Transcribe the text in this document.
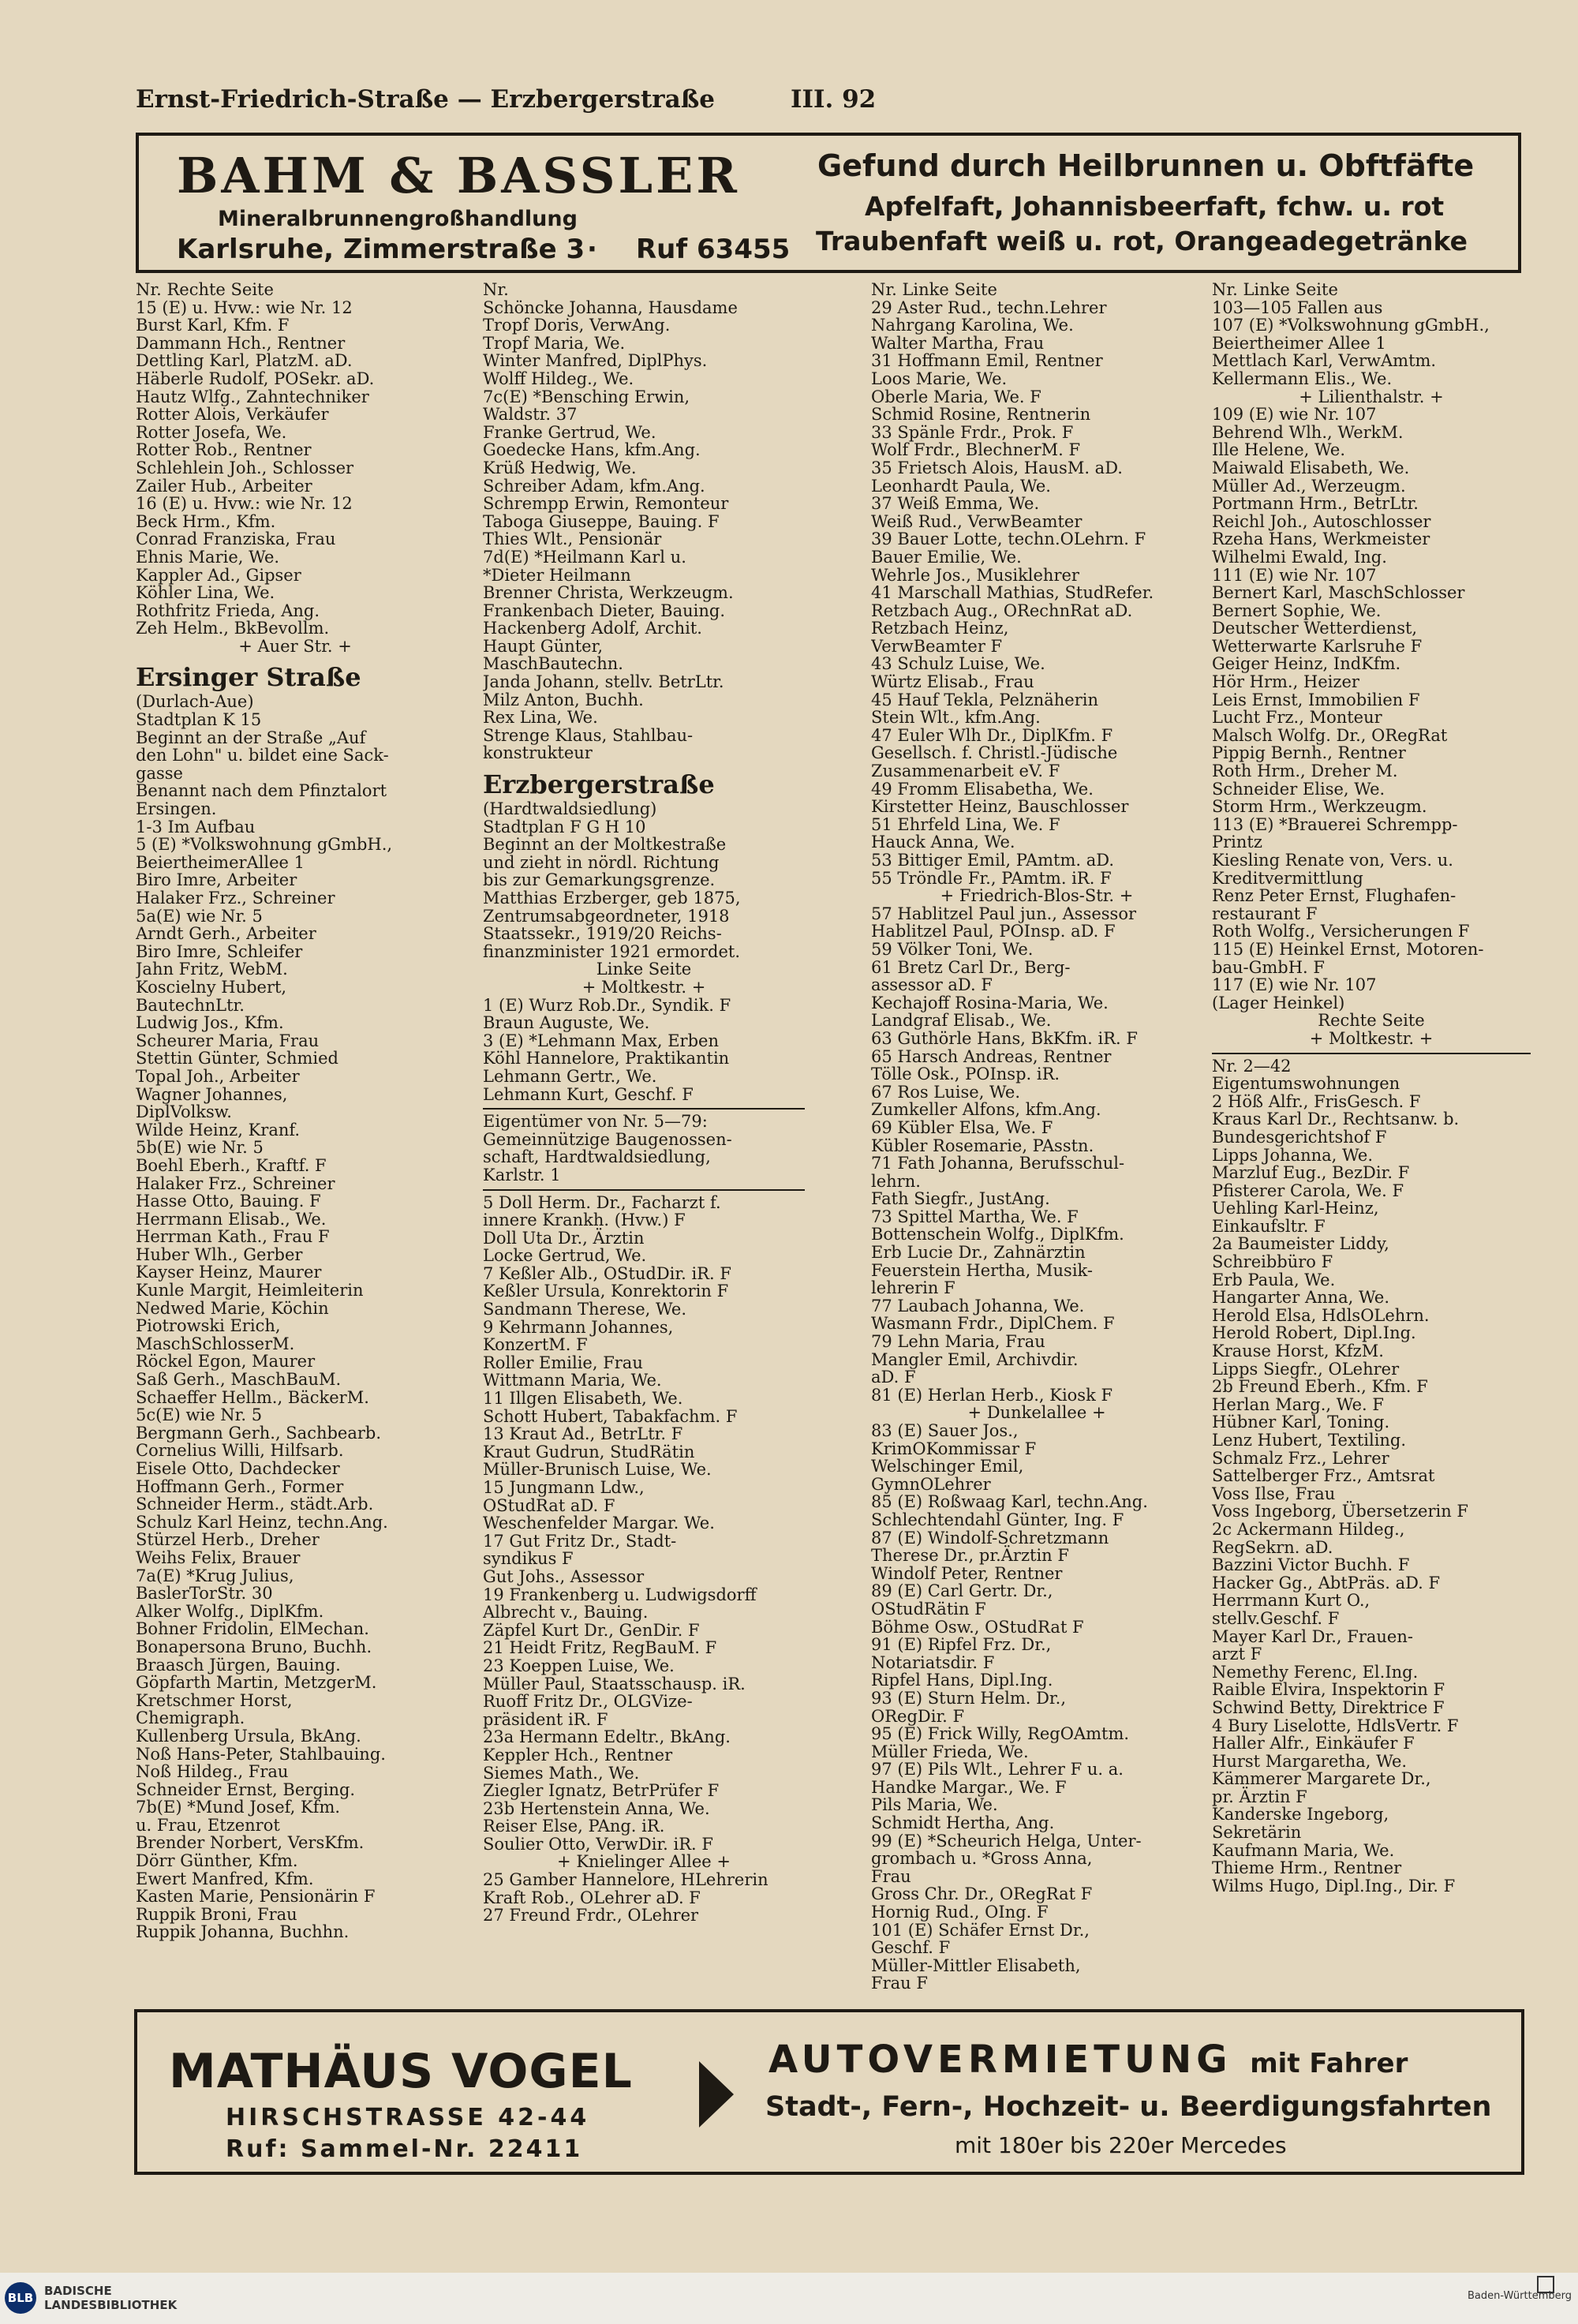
Ernst-Friedrich-Straße — Erzbergerstraße	III. 92
BAHM & BASSLER
Mineralbrunnengroßhandlung
Karlsruhe, Zimmerstraße 3 · Ruf 63455
Gefund durch Heilbrunnen u. Obftfäfte
Apfelfaft, Johannisbeerfaft, fchw. u. rot
Traubenfaft weiß u. rot, Orangeadegetränke
Nr. Rechte Seite
15 (E) u. Hvw.: wie Nr. 12
Burst Karl, Kfm. F
Dammann Hch., Rentner
Dettling Karl, PlatzM. aD.
Häberle Rudolf, POSekr. aD.
Hautz Wlfg., Zahntechniker
Rotter Alois, Verkäufer
Rotter Josefa, We.
Rotter Rob., Rentner
Schlehlein Joh., Schlosser
Zailer Hub., Arbeiter
16 (E) u. Hvw.: wie Nr. 12
Beck Hrm., Kfm.
Conrad Franziska, Frau
Ehnis Marie, We.
Kappler Ad., Gipser
Köhler Lina, We.
Rothfritz Frieda, Ang.
Zeh Helm., BkBevollm.
+ Auer Str. +
Ersinger Straße
(Durlach-Aue)
Stadtplan K 15
Beginnt an der Straße „Auf
den Lohn" u. bildet eine Sack-
gasse
Benannt nach dem Pfinztalort
Ersingen.
1-3 Im Aufbau
5 (E) *Volkswohnung gGmbH.,
BeiertheimerAllee 1
Biro Imre, Arbeiter
Halaker Frz., Schreiner
5a(E) wie Nr. 5
Arndt Gerh., Arbeiter
Biro Imre, Schleifer
Jahn Fritz, WebM.
Koscielny Hubert,
BautechnLtr.
Ludwig Jos., Kfm.
Scheurer Maria, Frau
Stettin Günter, Schmied
Topal Joh., Arbeiter
Wagner Johannes,
DiplVolksw.
Wilde Heinz, Kranf.
5b(E) wie Nr. 5
Boehl Eberh., Kraftf. F
Halaker Frz., Schreiner
Hasse Otto, Bauing. F
Herrmann Elisab., We.
Herrman Kath., Frau F
Huber Wlh., Gerber
Kayser Heinz, Maurer
Kunle Margit, Heimleiterin
Nedwed Marie, Köchin
Piotrowski Erich,
MaschSchlosserM.
Röckel Egon, Maurer
Saß Gerh., MaschBauM.
Schaeffer Hellm., BäckerM.
5c(E) wie Nr. 5
Bergmann Gerh., Sachbearb.
Cornelius Willi, Hilfsarb.
Eisele Otto, Dachdecker
Hoffmann Gerh., Former
Schneider Herm., städt.Arb.
Schulz Karl Heinz, techn.Ang.
Stürzel Herb., Dreher
Weihs Felix, Brauer
7a(E) *Krug Julius,
BaslerTorStr. 30
Alker Wolfg., DiplKfm.
Bohner Fridolin, ElMechan.
Bonapersona Bruno, Buchh.
Braasch Jürgen, Bauing.
Göpfarth Martin, MetzgerM.
Kretschmer Horst,
Chemigraph.
Kullenberg Ursula, BkAng.
Noß Hans-Peter, Stahlbauing.
Noß Hildeg., Frau
Schneider Ernst, Berging.
7b(E) *Mund Josef, Kfm.
u. Frau, Etzenrot
Brender Norbert, VersKfm.
Dörr Günther, Kfm.
Ewert Manfred, Kfm.
Kasten Marie, Pensionärin F
Ruppik Broni, Frau
Ruppik Johanna, Buchhn.
Nr.
Schöncke Johanna, Hausdame
Tropf Doris, VerwAng.
Tropf Maria, We.
Winter Manfred, DiplPhys.
Wolff Hildeg., We.
7c(E) *Bensching Erwin,
Waldstr. 37
Franke Gertrud, We.
Goedecke Hans, kfm.Ang.
Krüß Hedwig, We.
Schreiber Adam, kfm.Ang.
Schrempp Erwin, Remonteur
Taboga Giuseppe, Bauing. F
Thies Wlt., Pensionär
7d(E) *Heilmann Karl u.
*Dieter Heilmann
Brenner Christa, Werkzeugm.
Frankenbach Dieter, Bauing.
Hackenberg Adolf, Archit.
Haupt Günter,
MaschBautechn.
Janda Johann, stellv. BetrLtr.
Milz Anton, Buchh.
Rex Lina, We.
Strenge Klaus, Stahlbau-
konstrukteur
Erzbergerstraße
(Hardtwaldsiedlung)
Stadtplan F G H 10
Beginnt an der Moltkestraße
und zieht in nördl. Richtung
bis zur Gemarkungsgrenze.
Matthias Erzberger, geb 1875,
Zentrumsabgeordneter, 1918
Staatssekr., 1919/20 Reichs-
finanzminister 1921 ermordet.
Linke Seite
+ Moltkestr. +
1 (E) Wurz Rob.Dr., Syndik. F
Braun Auguste, We.
3 (E) *Lehmann Max, Erben
Köhl Hannelore, Praktikantin
Lehmann Gertr., We.
Lehmann Kurt, Geschf. F
Eigentümer von Nr. 5—79:
Gemeinnützige Baugenossen-
schaft, Hardtwaldsiedlung,
Karlstr. 1
5 Doll Herm. Dr., Facharzt f.
innere Krankh. (Hvw.) F
Doll Uta Dr., Ärztin
Locke Gertrud, We.
7 Keßler Alb., OStudDir. iR. F
Keßler Ursula, Konrektorin F
Sandmann Therese, We.
9 Kehrmann Johannes,
KonzertM. F
Roller Emilie, Frau
Wittmann Maria, We.
11 Illgen Elisabeth, We.
Schott Hubert, Tabakfachm. F
13 Kraut Ad., BetrLtr. F
Kraut Gudrun, StudRätin
Müller-Brunisch Luise, We.
15 Jungmann Ldw.,
OStudRat aD. F
Weschenfelder Margar. We.
17 Gut Fritz Dr., Stadt-
syndikus F
Gut Johs., Assessor
19 Frankenberg u. Ludwigsdorff
Albrecht v., Bauing.
Zäpfel Kurt Dr., GenDir. F
21 Heidt Fritz, RegBauM. F
23 Koeppen Luise, We.
Müller Paul, Staatsschausp. iR.
Ruoff Fritz Dr., OLGVize-
präsident iR. F
23a Hermann Edeltr., BkAng.
Keppler Hch., Rentner
Siemes Math., We.
Ziegler Ignatz, BetrPrüfer F
23b Hertenstein Anna, We.
Reiser Else, PAng. iR.
Soulier Otto, VerwDir. iR. F
+ Knielinger Allee +
25 Gamber Hannelore, HLehrerin
Kraft Rob., OLehrer aD. F
27 Freund Frdr., OLehrer
Nr. Linke Seite
29 Aster Rud., techn.Lehrer
Nahrgang Karolina, We.
Walter Martha, Frau
31 Hoffmann Emil, Rentner
Loos Marie, We.
Oberle Maria, We. F
Schmid Rosine, Rentnerin
33 Spänle Frdr., Prok. F
Wolf Frdr., BlechnerM. F
35 Frietsch Alois, HausM. aD.
Leonhardt Paula, We.
37 Weiß Emma, We.
Weiß Rud., VerwBeamter
39 Bauer Lotte, techn.OLehrn. F
Bauer Emilie, We.
Wehrle Jos., Musiklehrer
41 Marschall Mathias, StudRefer.
Retzbach Aug., ORechnRat aD.
Retzbach Heinz,
VerwBeamter F
43 Schulz Luise, We.
Würtz Elisab., Frau
45 Hauf Tekla, Pelznäherin
Stein Wlt., kfm.Ang.
47 Euler Wlh Dr., DiplKfm. F
Gesellsch. f. Christl.-Jüdische
Zusammenarbeit eV. F
49 Fromm Elisabetha, We.
Kirstetter Heinz, Bauschlosser
51 Ehrfeld Lina, We. F
Hauck Anna, We.
53 Bittiger Emil, PAmtm. aD.
55 Tröndle Fr., PAmtm. iR. F
+ Friedrich-Blos-Str. +
57 Hablitzel Paul jun., Assessor
Hablitzel Paul, POInsp. aD. F
59 Völker Toni, We.
61 Bretz Carl Dr., Berg-
assessor aD. F
Kechajoff Rosina-Maria, We.
Landgraf Elisab., We.
63 Guthörle Hans, BkKfm. iR. F
65 Harsch Andreas, Rentner
Tölle Osk., POInsp. iR.
67 Ros Luise, We.
Zumkeller Alfons, kfm.Ang.
69 Kübler Elsa, We. F
Kübler Rosemarie, PAsstn.
71 Fath Johanna, Berufsschul-
lehrn.
Fath Siegfr., JustAng.
73 Spittel Martha, We. F
Bottenschein Wolfg., DiplKfm.
Erb Lucie Dr., Zahnärztin
Feuerstein Hertha, Musik-
lehrerin F
77 Laubach Johanna, We.
Wasmann Frdr., DiplChem. F
79 Lehn Maria, Frau
Mangler Emil, Archivdir.
aD. F
81 (E) Herlan Herb., Kiosk F
+ Dunkelallee +
83 (E) Sauer Jos.,
KrimOKommissar F
Welschinger Emil,
GymnOLehrer
85 (E) Roßwaag Karl, techn.Ang.
Schlechtendahl Günter, Ing. F
87 (E) Windolf-Schretzmann
Therese Dr., pr.Ärztin F
Windolf Peter, Rentner
89 (E) Carl Gertr. Dr.,
OStudRätin F
Böhme Osw., OStudRat F
91 (E) Ripfel Frz. Dr.,
Notariatsdir. F
Ripfel Hans, Dipl.Ing.
93 (E) Sturn Helm. Dr.,
ORegDir. F
95 (E) Frick Willy, RegOAmtm.
Müller Frieda, We.
97 (E) Pils Wlt., Lehrer F u. a.
Handke Margar., We. F
Pils Maria, We.
Schmidt Hertha, Ang.
99 (E) *Scheurich Helga, Unter-
grombach u. *Gross Anna,
Frau
Gross Chr. Dr., ORegRat F
Hornig Rud., OIng. F
101 (E) Schäfer Ernst Dr.,
Geschf. F
Müller-Mittler Elisabeth,
Frau F
Nr. Linke Seite
103—105 Fallen aus
107 (E) *Volkswohnung gGmbH.,
Beiertheimer Allee 1
Mettlach Karl, VerwAmtm.
Kellermann Elis., We.
+ Lilienthalstr. +
109 (E) wie Nr. 107
Behrend Wlh., WerkM.
Ille Helene, We.
Maiwald Elisabeth, We.
Müller Ad., Werzeugm.
Portmann Hrm., BetrLtr.
Reichl Joh., Autoschlosser
Rzeha Hans, Werkmeister
Wilhelmi Ewald, Ing.
111 (E) wie Nr. 107
Bernert Karl, MaschSchlosser
Bernert Sophie, We.
Deutscher Wetterdienst,
Wetterwarte Karlsruhe F
Geiger Heinz, IndKfm.
Hör Hrm., Heizer
Leis Ernst, Immobilien F
Lucht Frz., Monteur
Malsch Wolfg. Dr., ORegRat
Pippig Bernh., Rentner
Roth Hrm., Dreher M.
Schneider Elise, We.
Storm Hrm., Werkzeugm.
113 (E) *Brauerei Schrempp-
Printz
Kiesling Renate von, Vers. u.
Kreditvermittlung
Renz Peter Ernst, Flughafen-
restaurant F
Roth Wolfg., Versicherungen F
115 (E) Heinkel Ernst, Motoren-
bau-GmbH. F
117 (E) wie Nr. 107
(Lager Heinkel)
Rechte Seite
+ Moltkestr. +
Nr. 2—42
Eigentumswohnungen
2 Höß Alfr., FrisGesch. F
Kraus Karl Dr., Rechtsanw. b.
Bundesgerichtshof F
Lipps Johanna, We.
Marzluf Eug., BezDir. F
Pfisterer Carola, We. F
Uehling Karl-Heinz,
Einkaufsltr. F
2a Baumeister Liddy,
Schreibbüro F
Erb Paula, We.
Hangarter Anna, We.
Herold Elsa, HdlsOLehrn.
Herold Robert, Dipl.Ing.
Krause Horst, KfzM.
Lipps Siegfr., OLehrer
2b Freund Eberh., Kfm. F
Herlan Marg., We. F
Hübner Karl, Toning.
Lenz Hubert, Textiling.
Schmalz Frz., Lehrer
Sattelberger Frz., Amtsrat
Voss Ilse, Frau
Voss Ingeborg, Übersetzerin F
2c Ackermann Hildeg.,
RegSekrn. aD.
Bazzini Victor Buchh. F
Hacker Gg., AbtPräs. aD. F
Herrmann Kurt O.,
stellv.Geschf. F
Mayer Karl Dr., Frauen-
arzt F
Nemethy Ferenc, El.Ing.
Raible Elvira, Inspektorin F
Schwind Betty, Direktrice F
4 Bury Liselotte, HdlsVertr. F
Haller Alfr., Einkäufer F
Hurst Margaretha, We.
Kämmerer Margarete Dr.,
pr. Ärztin F
Kanderske Ingeborg,
Sekretärin
Kaufmann Maria, We.
Thieme Hrm., Rentner
Wilms Hugo, Dipl.Ing., Dir. F
MATHÄUS VOGEL
HIRSCHSTRASSE 42-44
Ruf: Sammel-Nr. 22411
AUTOVERMIETUNG mit Fahrer
Stadt-, Fern-, Hochzeit- u. Beerdigungsfahrten
mit 180er bis 220er Mercedes
BLB BADISCHE
LANDESBIBLIOTHEK
Baden-Württemberg
